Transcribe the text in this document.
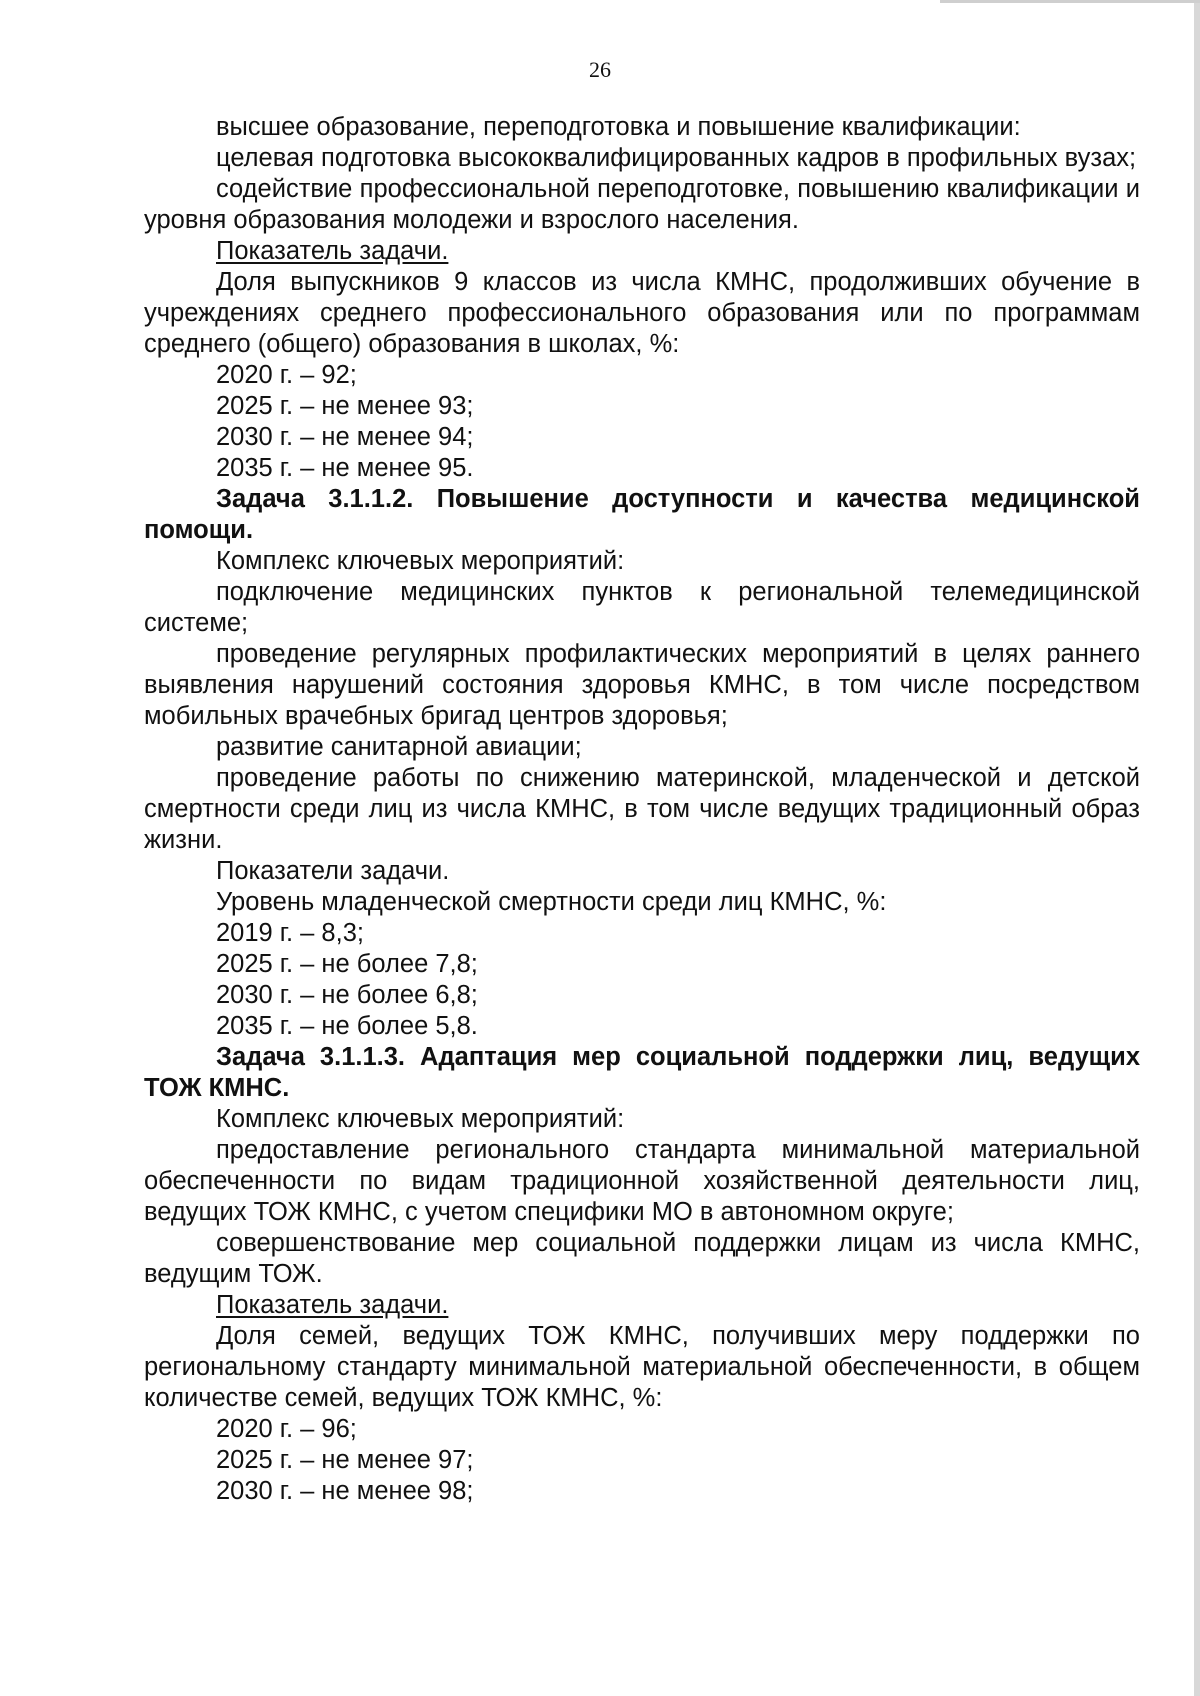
26

высшее образование, переподготовка и повышение квалификации:

целевая подготовка высококвалифицированных кадров в профильных вузах;

содействие профессиональной переподготовке, повышению квалификации и уровня образования молодежи и взрослого населения.

Показатель задачи.

Доля выпускников 9 классов из числа КМНС, продолживших обучение в учреждениях среднего профессионального образования или по программам среднего (общего) образования в школах, %:

2020 г. – 92;

2025 г. – не менее 93;

2030 г. – не менее 94;

2035 г. – не менее 95.

Задача 3.1.1.2. Повышение доступности и качества медицинской помощи.

Комплекс ключевых мероприятий:

подключение медицинских пунктов к региональной телемедицинской системе;

проведение регулярных профилактических мероприятий в целях раннего выявления нарушений состояния здоровья КМНС, в том числе посредством мобильных врачебных бригад центров здоровья;

развитие санитарной авиации;

проведение работы по снижению материнской, младенческой и детской смертности среди лиц из числа КМНС, в том числе ведущих традиционный образ жизни.

Показатели задачи.

Уровень младенческой смертности среди лиц КМНС, %:

2019 г. – 8,3;

2025 г. – не более 7,8;

2030 г. – не более 6,8;

2035 г. – не более 5,8.

Задача 3.1.1.3. Адаптация мер социальной поддержки лиц, ведущих ТОЖ КМНС.

Комплекс ключевых мероприятий:

предоставление регионального стандарта минимальной материальной обеспеченности по видам традиционной хозяйственной деятельности лиц, ведущих ТОЖ КМНС, с учетом специфики МО в автономном округе;

совершенствование мер социальной поддержки лицам из числа КМНС, ведущим ТОЖ.

Показатель задачи.

Доля семей, ведущих ТОЖ КМНС, получивших меру поддержки по региональному стандарту минимальной материальной обеспеченности, в общем количестве семей, ведущих ТОЖ КМНС, %:

2020 г. – 96;

2025 г. – не менее 97;

2030 г. – не менее 98;
